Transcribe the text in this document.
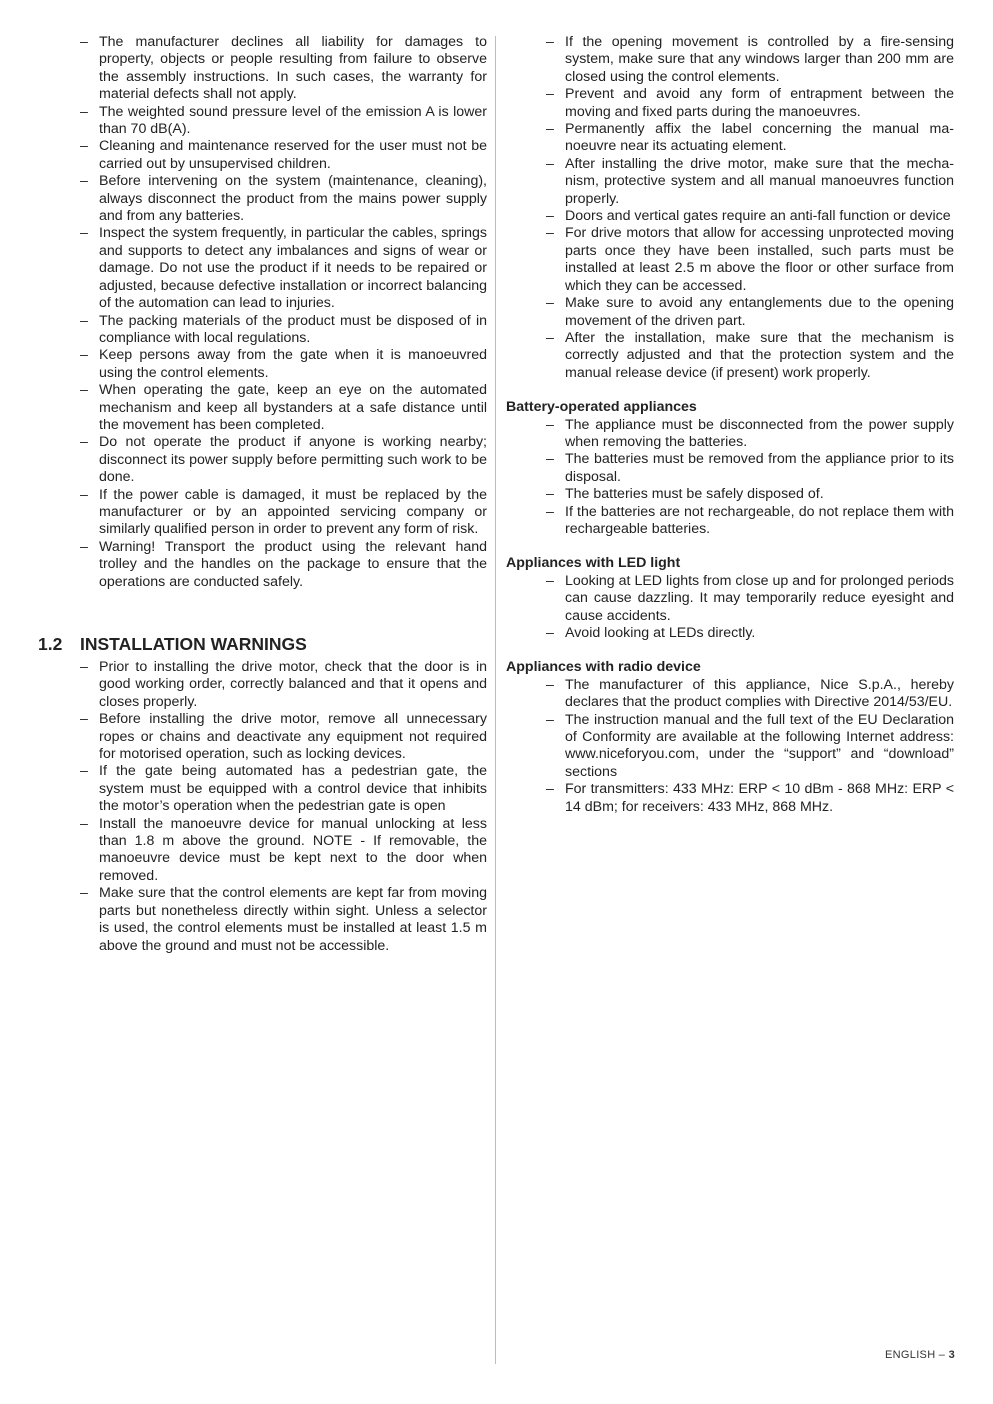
– The manufacturer declines all liability for damages to property, objects or people resulting from failure to observe the assembly instructions. In such cases, the warranty for material defects shall not apply.
– The weighted sound pressure level of the emission A is lower than 70 dB(A).
– Cleaning and maintenance reserved for the user must not be carried out by unsupervised children.
– Before intervening on the system (maintenance, cleaning), always disconnect the product from the mains power supply and from any batteries.
– Inspect the system frequently, in particular the cables, springs and supports to detect any imbalances and signs of wear or damage. Do not use the product if it needs to be repaired or adjusted, because defective installation or incorrect balancing of the automation can lead to injuries.
– The packing materials of the product must be disposed of in compliance with local regulations.
– Keep persons away from the gate when it is manoeuvred using the control elements.
– When operating the gate, keep an eye on the automated mechanism and keep all bystanders at a safe distance until the movement has been completed.
– Do not operate the product if anyone is working nearby; disconnect its power supply before permitting such work to be done.
– If the power cable is damaged, it must be replaced by the manufacturer or by an appointed servicing company or similarly qualified person in order to prevent any form of risk.
– Warning! Transport the product using the relevant hand trolley and the handles on the package to ensure that the operations are conducted safely.
1.2 INSTALLATION WARNINGS
– Prior to installing the drive motor, check that the door is in good working order, correctly balanced and that it opens and closes properly.
– Before installing the drive motor, remove all unnecessary ropes or chains and deactivate any equipment not required for motorised operation, such as locking devices.
– If the gate being automated has a pedestrian gate, the system must be equipped with a control device that inhibits the motor’s operation when the pedestrian gate is open
– Install the manoeuvre device for manual unlocking at less than 1.8 m above the ground. NOTE - If removable, the manoeuvre device must be kept next to the door when removed.
– Make sure that the control elements are kept far from moving parts but nonetheless directly within sight. Unless a selector is used, the control elements must be installed at least 1.5 m above the ground and must not be accessible.
– If the opening movement is controlled by a fire-sensing system, make sure that any windows larger than 200 mm are closed using the control elements.
– Prevent and avoid any form of entrapment between the moving and fixed parts during the manoeuvres.
– Permanently affix the label concerning the manual manoeuvre near its actuating element.
– After installing the drive motor, make sure that the mechanism, protective system and all manual manoeuvres function properly.
– Doors and vertical gates require an anti-fall function or device
– For drive motors that allow for accessing unprotected moving parts once they have been installed, such parts must be installed at least 2.5 m above the floor or other surface from which they can be accessed.
– Make sure to avoid any entanglements due to the opening movement of the driven part.
– After the installation, make sure that the mechanism is correctly adjusted and that the protection system and the manual release device (if present) work properly.
Battery-operated appliances
– The appliance must be disconnected from the power supply when removing the batteries.
– The batteries must be removed from the appliance prior to its disposal.
– The batteries must be safely disposed of.
– If the batteries are not rechargeable, do not replace them with rechargeable batteries.
Appliances with LED light
– Looking at LED lights from close up and for prolonged periods can cause dazzling. It may temporarily reduce eyesight and cause accidents.
– Avoid looking at LEDs directly.
Appliances with radio device
– The manufacturer of this appliance, Nice S.p.A., hereby declares that the product complies with Directive 2014/53/EU.
– The instruction manual and the full text of the EU Declaration of Conformity are available at the following Internet address: www.niceforyou.com, under the “support” and “download” sections
– For transmitters: 433 MHz: ERP < 10 dBm - 868 MHz: ERP < 14 dBm; for receivers: 433 MHz, 868 MHz.
ENGLISH – 3
